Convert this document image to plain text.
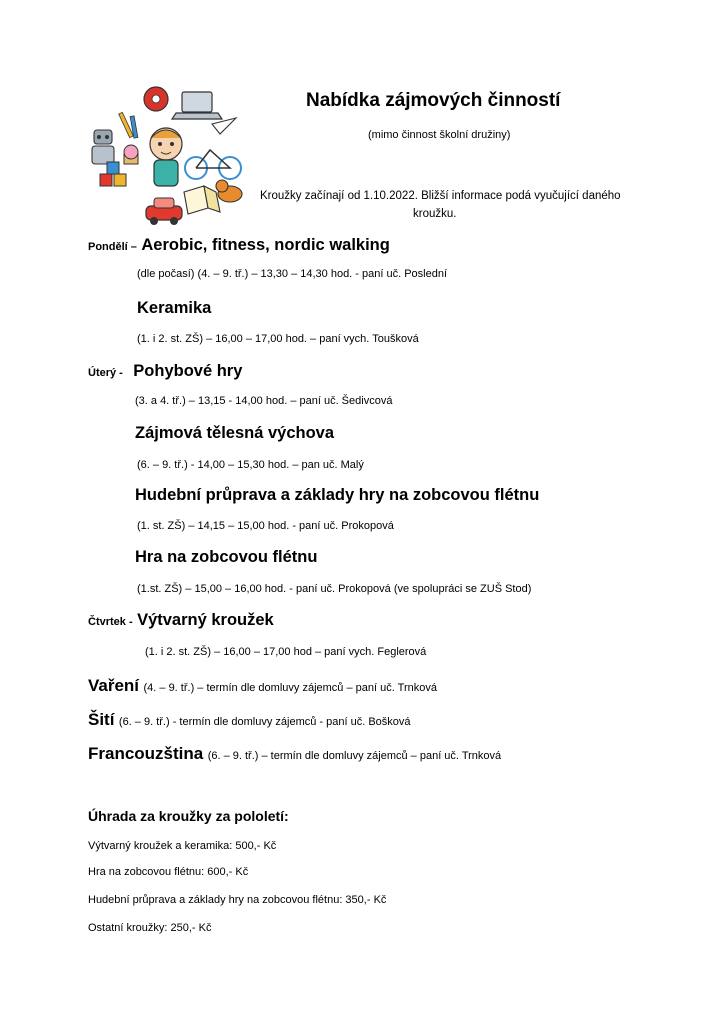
Nabídka zájmových činností
(mimo činnost školní družiny)
Kroužky začínají od 1.10.2022. Bližší informace podá vyučující daného
kroužku.
Pondělí – Aerobic, fitness, nordic walking
(dle počasí) (4. – 9. tř.) – 13,30 – 14,30 hod. - paní uč. Poslední
Keramika
(1. i 2. st. ZŠ) – 16,00 – 17,00 hod. – paní vych. Toušková
Úterý - Pohybové hry
(3. a 4. tř.) – 13,15 - 14,00 hod. – paní uč. Šedivcová
Zájmová tělesná výchova
(6. – 9. tř.) - 14,00 – 15,30 hod. – pan uč. Malý
Hudební průprava a základy hry na zobcovou flétnu
(1. st. ZŠ) – 14,15 – 15,00 hod. - paní uč. Prokopová
Hra na zobcovou flétnu
(1.st. ZŠ) – 15,00 – 16,00 hod. - paní uč. Prokopová (ve spolupráci se ZUŠ Stod)
Čtvrtek - Výtvarný kroužek
(1. i 2. st. ZŠ) – 16,00 – 17,00 hod – paní vych. Feglerová
Vaření (4. – 9. tř.) – termín dle domluvy zájemců – paní uč. Trnková
Šití (6. – 9. tř.) - termín dle domluvy zájemců - paní uč. Bošková
Francouzština (6. – 9. tř.) – termín dle domluvy zájemců – paní uč. Trnková
Úhrada za kroužky za pololetí:
Výtvarný kroužek a keramika: 500,- Kč
Hra na zobcovou flétnu: 600,- Kč
Hudební průprava a základy hry na zobcovou flétnu: 350,- Kč
Ostatní kroužky: 250,- Kč
